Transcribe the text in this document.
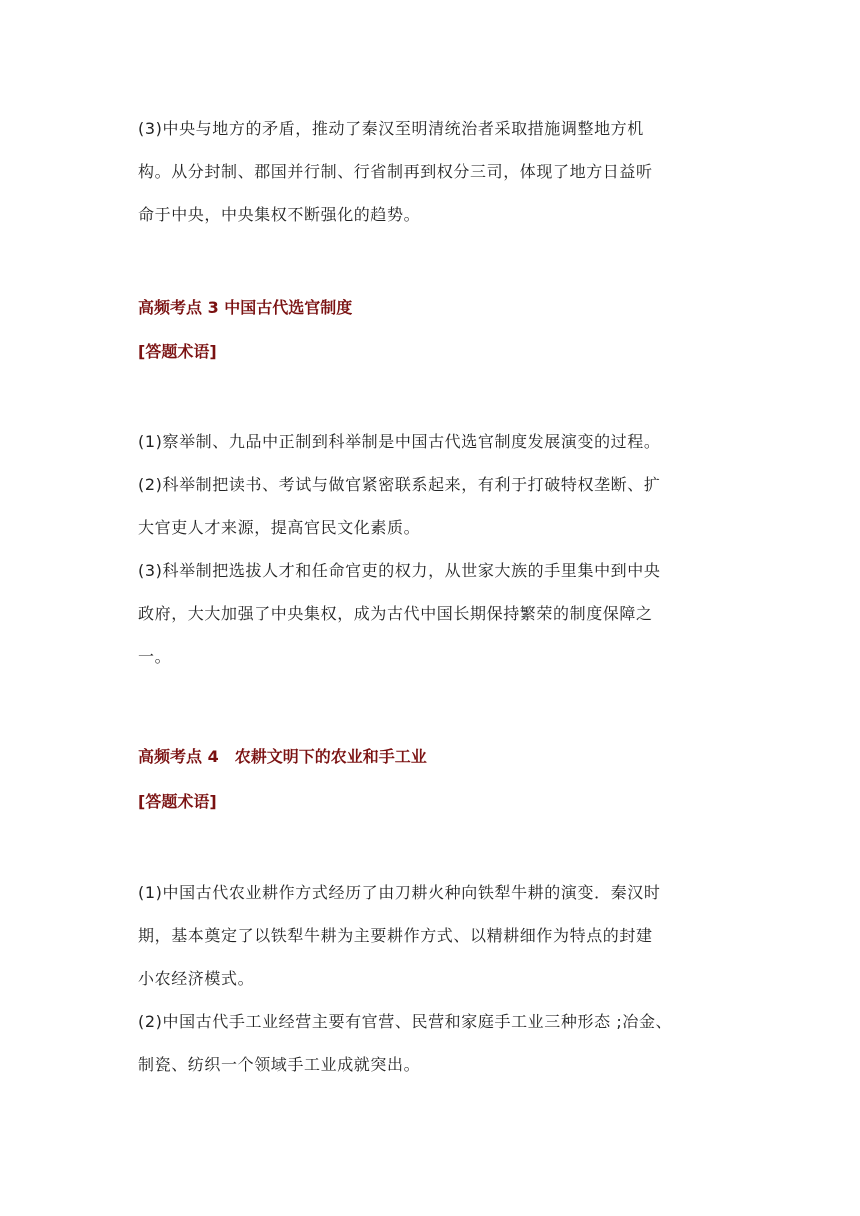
(3)中央与地方的矛盾，推动了秦汉至明清统治者采取措施调整地方机
构。从分封制、郡国并行制、行省制再到权分三司，体现了地方日益听
命于中央，中央集权不断强化的趋势。

高频考点 3 中国古代选官制度
[答题术语]

(1)察举制、九品中正制到科举制是中国古代选官制度发展演变的过程。
(2)科举制把读书、考试与做官紧密联系起来，有利于打破特权垄断、扩
大官吏人才来源，提高官民文化素质。
(3)科举制把选拔人才和任命官吏的权力，从世家大族的手里集中到中央
政府，大大加强了中央集权，成为古代中国长期保持繁荣的制度保障之
一。

高频考点 4　农耕文明下的农业和手工业
[答题术语]

(1)中国古代农业耕作方式经历了由刀耕火种向铁犁牛耕的演变．秦汉时
期，基本奠定了以铁犁牛耕为主要耕作方式、以精耕细作为特点的封建
小农经济模式。
(2)中国古代手工业经营主要有官营、民营和家庭手工业三种形态 ;冶金、
制瓷、纺织一个领域手工业成就突出。
